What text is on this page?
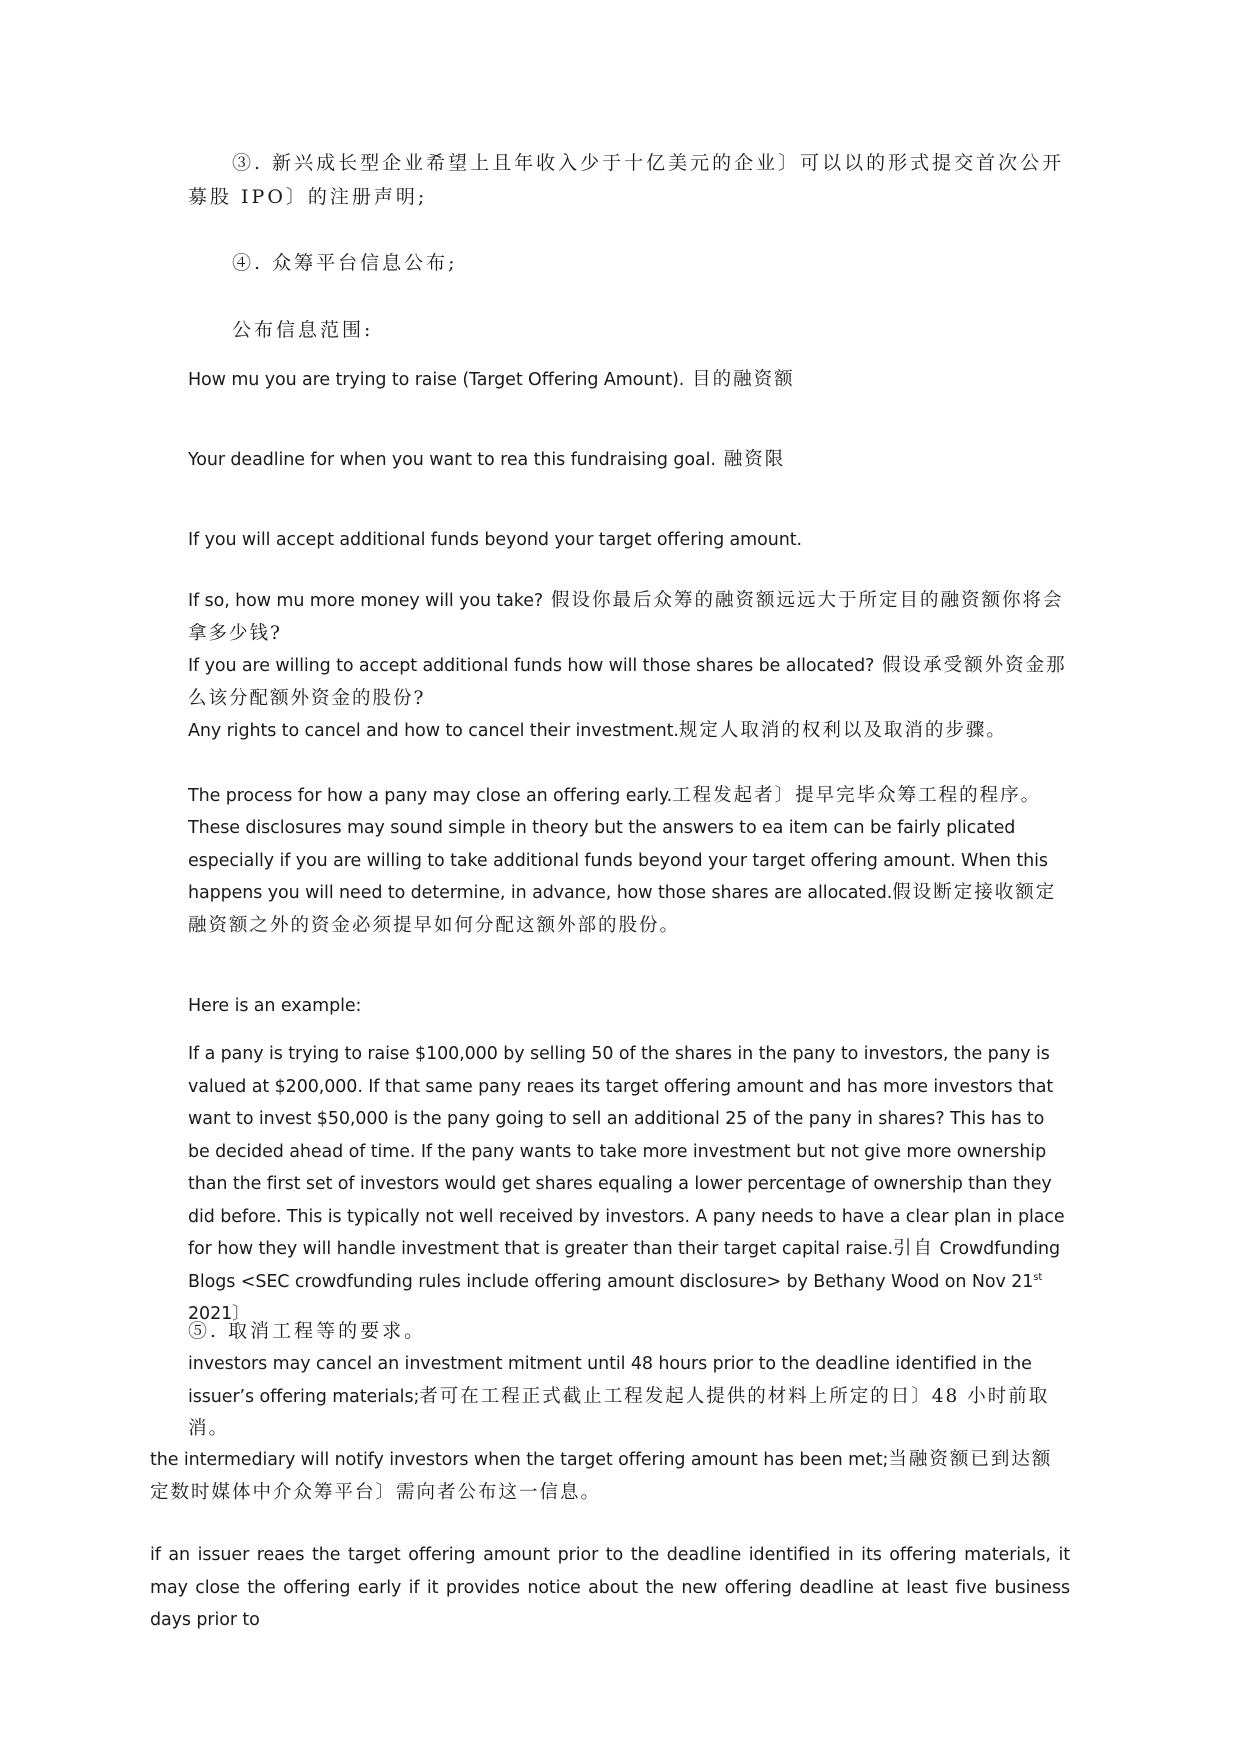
③. 新兴成长型企业希望上且年收入少于十亿美元的企业〕可以以的形式提交首次公开募股 IPO〕的注册声明;

④. 众筹平台信息公布;

公布信息范围:

How mu you are trying to raise (Target Offering Amount). 目的融资额

Your deadline for when you want to rea this fundraising goal. 融资限

If you will accept additional funds beyond your target offering amount.

If so, how mu more money will you take? 假设你最后众筹的融资额远远大于所定目的融资额你将会拿多少钱?

If you are willing to accept additional funds how will those shares be allocated? 假设承受额外资金那么该分配额外资金的股份?

Any rights to cancel and how to cancel their investment.规定人取消的权利以及取消的步骤。

The process for how a pany may close an offering early.工程发起者〕提早完毕众筹工程的程序。

These disclosures may sound simple in theory but the answers to ea item can be fairly plicated especially if you are willing to take additional funds beyond your target offering amount. When this happens you will need to determine, in advance, how those shares are allocated.假设断定接收额定融资额之外的资金必须提早如何分配这额外部的股份。

Here is an example:

If a pany is trying to raise $100,000 by selling 50 of the shares in the pany to investors, the pany is valued at $200,000. If that same pany reaes its target offering amount and has more investors that want to invest $50,000 is the pany going to sell an additional 25 of the pany in shares? This has to be decided ahead of time. If the pany wants to take more investment but not give more ownership than the first set of investors would get shares equaling a lower percentage of ownership than they did before. This is typically not well received by investors. A pany needs to have a clear plan in place for how they will handle investment that is greater than their target capital raise.引自 Crowdfunding Blogs <SEC crowdfunding rules include offering amount disclosure> by Bethany Wood on Nov 21st 2021〕

⑤. 取消工程等的要求。

investors may cancel an investment mitment until 48 hours prior to the deadline identified in the issuer’s offering materials;者可在工程正式截止工程发起人提供的材料上所定的日〕48 小时前取消。

the intermediary will notify investors when the target offering amount has been met;当融资额已到达额定数时媒体中介众筹平台〕需向者公布这一信息。

if an issuer reaes the target offering amount prior to the deadline identified in its offering materials, it may close the offering early if it provides notice about the new offering deadline at least five business days prior to
